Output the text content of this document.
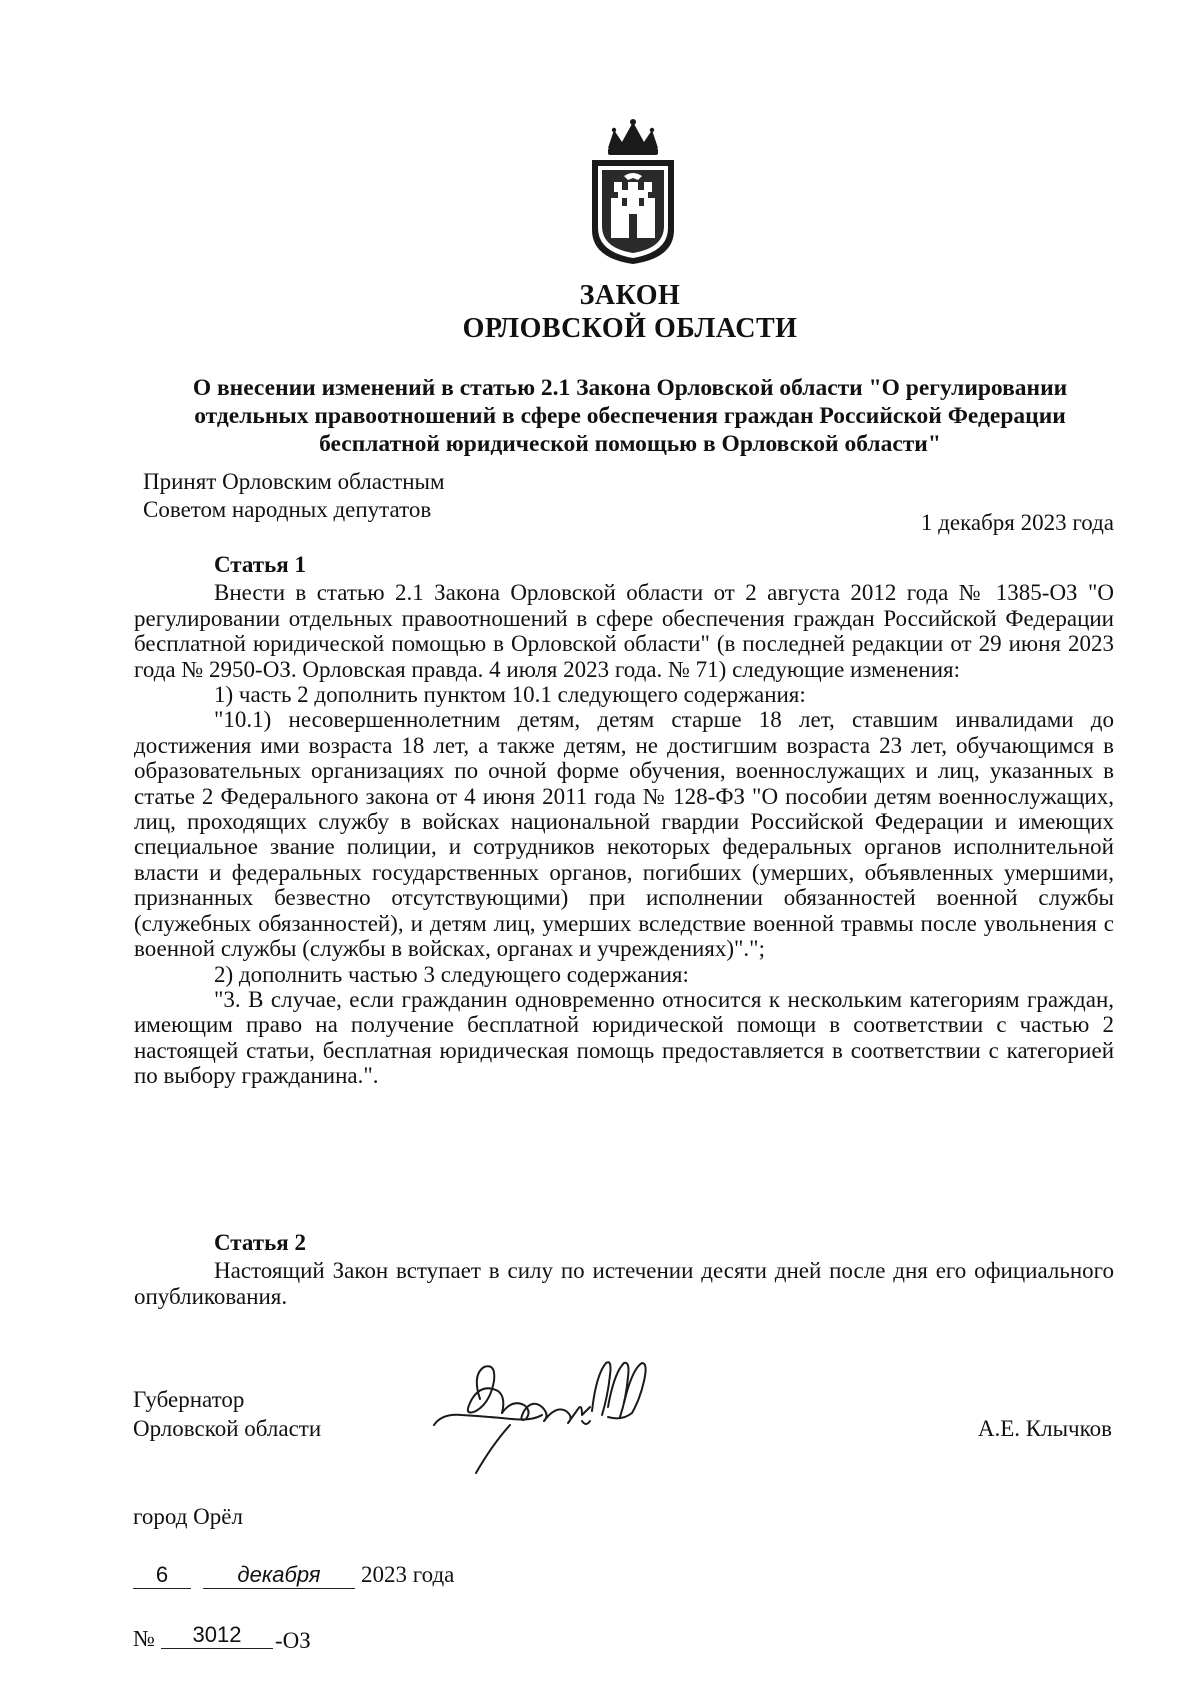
ЗАКОН
ОРЛОВСКОЙ ОБЛАСТИ
О внесении изменений в статью 2.1 Закона Орловской области "О регулировании отдельных правоотношений в сфере обеспечения граждан Российской Федерации бесплатной юридической помощью в Орловской области"
Принят Орловским областным
Советом народных депутатов
1 декабря 2023 года
Статья 1

Внести в статью 2.1 Закона Орловской области от 2 августа 2012 года № 1385-ОЗ "О регулировании отдельных правоотношений в сфере обеспечения граждан Российской Федерации бесплатной юридической помощью в Орловской области" (в последней редакции от 29 июня 2023 года № 2950-ОЗ. Орловская правда. 4 июля 2023 года. № 71) следующие изменения:

1) часть 2 дополнить пунктом 10.1 следующего содержания:

"10.1) несовершеннолетним детям, детям старше 18 лет, ставшим инвалидами до достижения ими возраста 18 лет, а также детям, не достигшим возраста 23 лет, обучающимся в образовательных организациях по очной форме обучения, военнослужащих и лиц, указанных в статье 2 Федерального закона от 4 июня 2011 года № 128-ФЗ "О пособии детям военнослужащих, лиц, проходящих службу в войсках национальной гвардии Российской Федерации и имеющих специальное звание полиции, и сотрудников некоторых федеральных органов исполнительной власти и федеральных государственных органов, погибших (умерших, объявленных умершими, признанных безвестно отсутствующими) при исполнении обязанностей военной службы (служебных обязанностей), и детям лиц, умерших вследствие военной травмы после увольнения с военной службы (службы в войсках, органах и учреждениях)".";

2) дополнить частью 3 следующего содержания:

"3. В случае, если гражданин одновременно относится к нескольким категориям граждан, имеющим право на получение бесплатной юридической помощи в соответствии с частью 2 настоящей статьи, бесплатная юридическая помощь предоставляется в соответствии с категорией по выбору гражданина.".

Статья 2

Настоящий Закон вступает в силу по истечении десяти дней после дня его официального опубликования.

Губернатор
Орловской области	А.Е. Клычков
город Орёл
6	декабря	2023 года
№	3012	-ОЗ
